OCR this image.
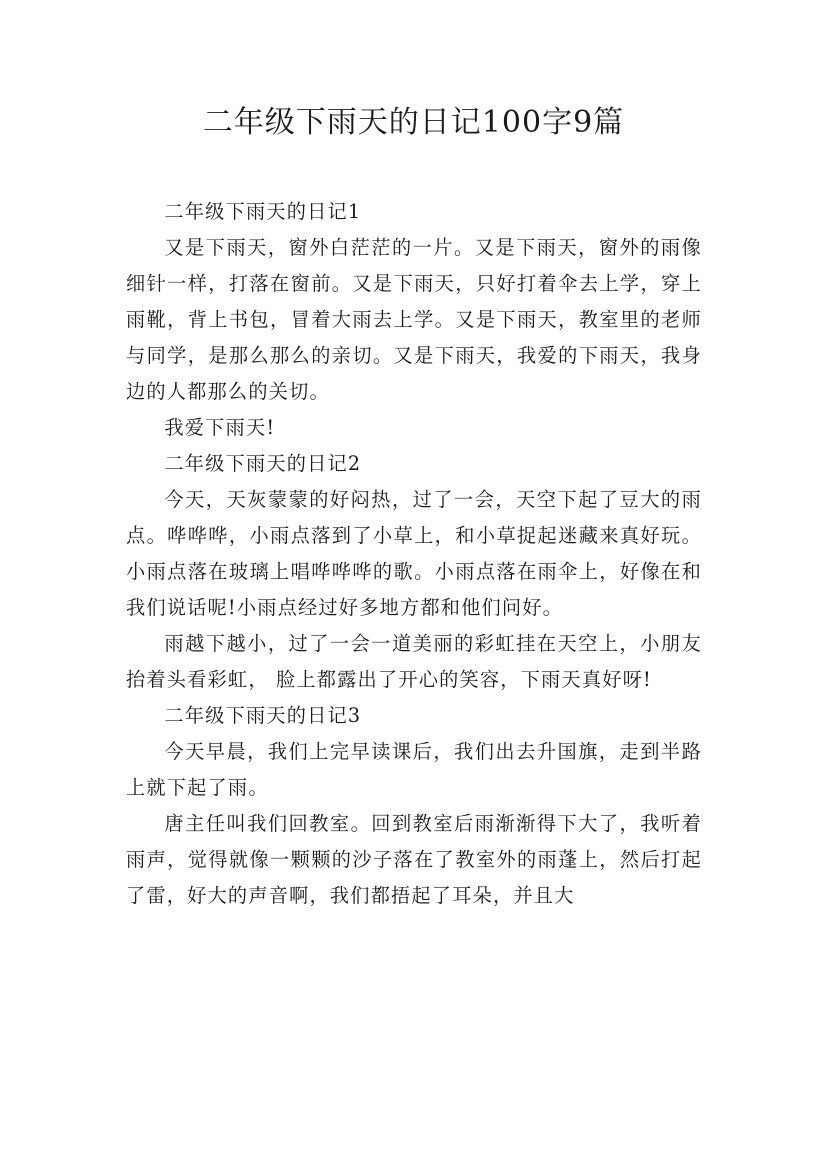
二年级下雨天的日记100字9篇

二年级下雨天的日记1

又是下雨天，窗外白茫茫的一片。又是下雨天，窗外的雨像细针一样，打落在窗前。又是下雨天，只好打着伞去上学，穿上雨靴，背上书包，冒着大雨去上学。又是下雨天，教室里的老师与同学，是那么那么的亲切。又是下雨天，我爱的下雨天，我身边的人都那么的关切。

我爱下雨天!

二年级下雨天的日记2

今天，天灰蒙蒙的好闷热，过了一会，天空下起了豆大的雨点。哗哗哗，小雨点落到了小草上，和小草捉起迷藏来真好玩。小雨点落在玻璃上唱哗哗哗的歌。小雨点落在雨伞上，好像在和我们说话呢!小雨点经过好多地方都和他们问好。

雨越下越小，过了一会一道美丽的彩虹挂在天空上，小朋友抬着头看彩虹， 脸上都露出了开心的笑容，下雨天真好呀!

二年级下雨天的日记3

今天早晨，我们上完早读课后，我们出去升国旗，走到半路上就下起了雨。

唐主任叫我们回教室。回到教室后雨渐渐得下大了，我听着雨声，觉得就像一颗颗的沙子落在了教室外的雨蓬上，然后打起了雷，好大的声音啊，我们都捂起了耳朵，并且大
